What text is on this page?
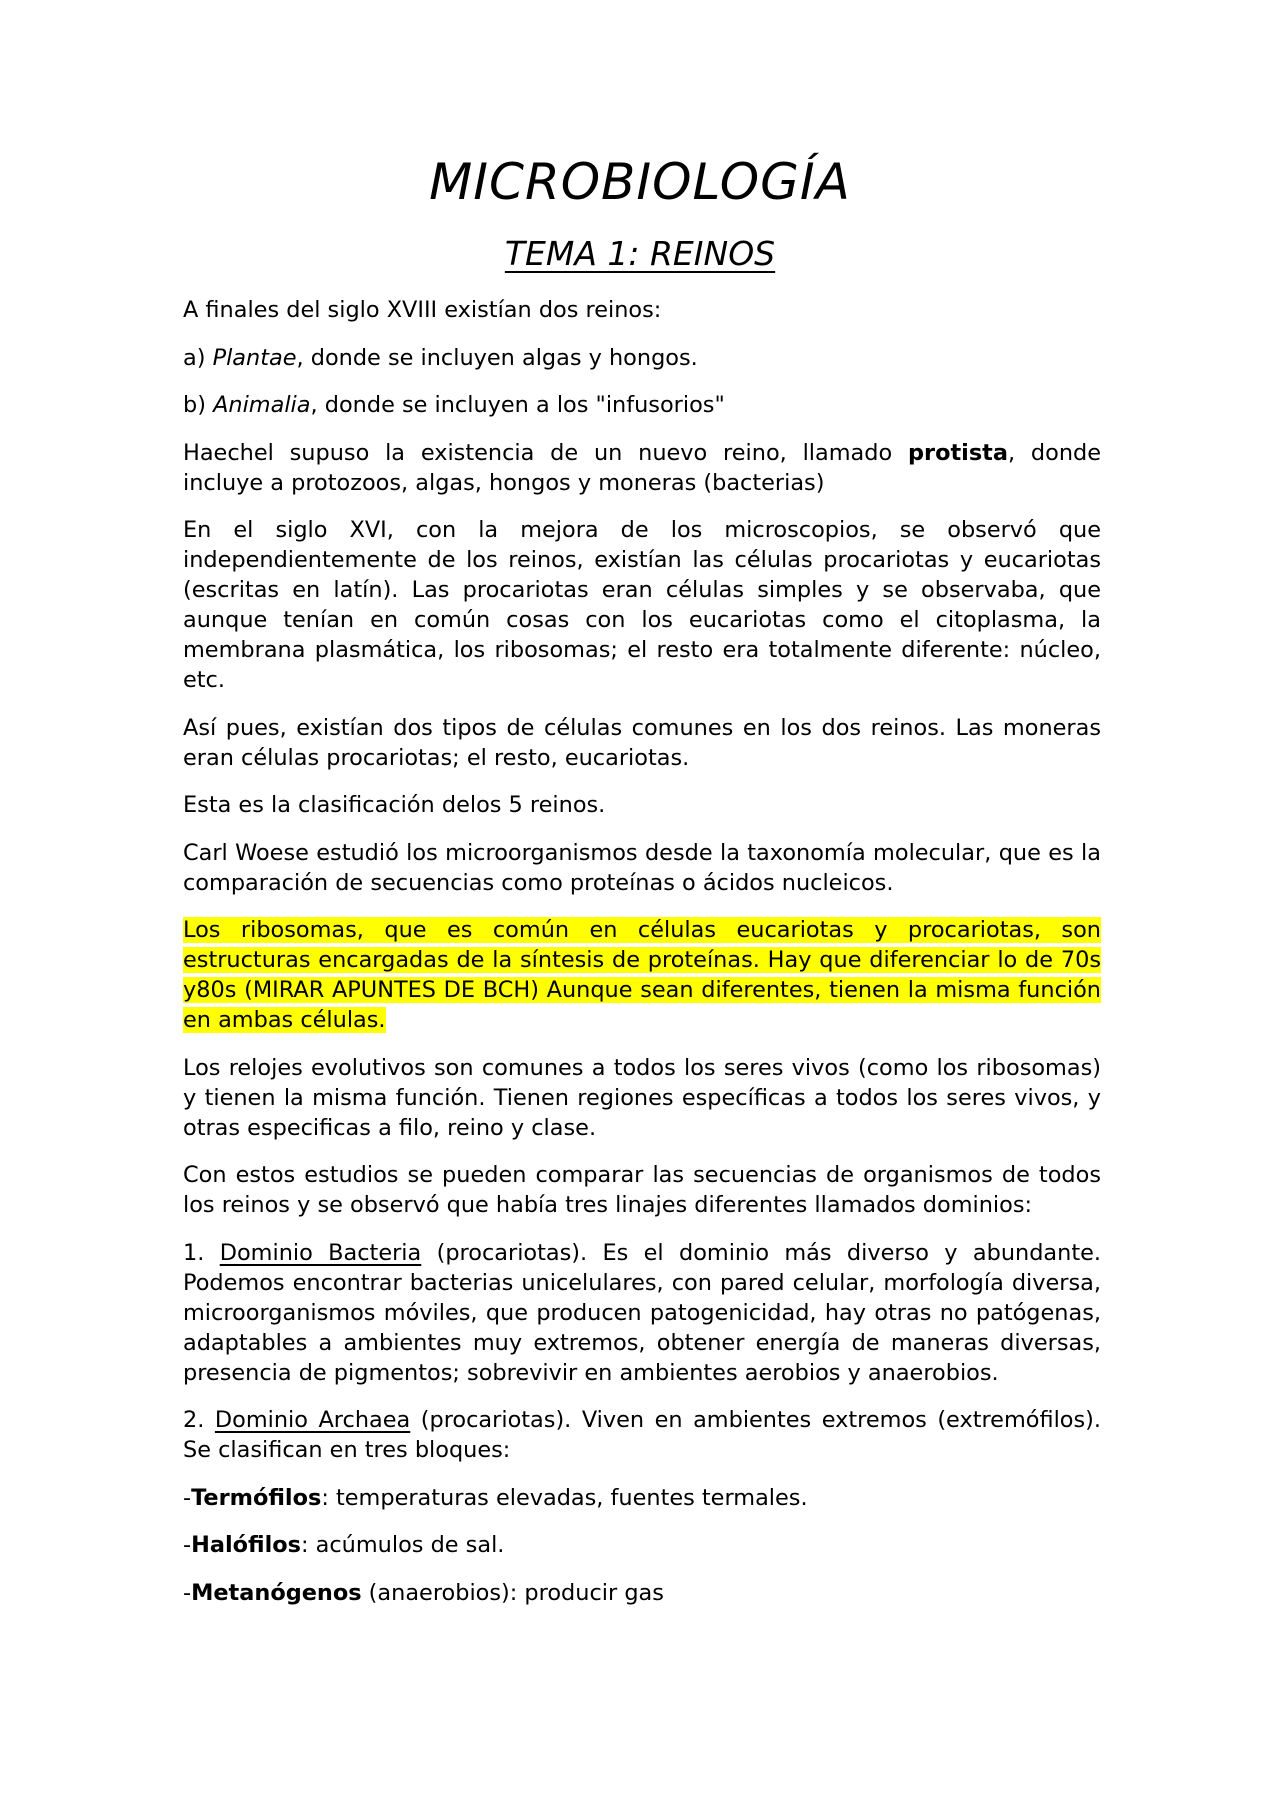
MICROBIOLOGÍA
TEMA 1: REINOS

A finales del siglo XVIII existían dos reinos:

a) Plantae, donde se incluyen algas y hongos.

b) Animalia, donde se incluyen a los "infusorios"

Haechel supuso la existencia de un nuevo reino, llamado protista, donde incluye a protozoos, algas, hongos y moneras (bacterias)

En el siglo XVI, con la mejora de los microscopios, se observó que independientemente de los reinos, existían las células procariotas y eucariotas (escritas en latín). Las procariotas eran células simples y se observaba, que aunque tenían en común cosas con los eucariotas como el citoplasma, la membrana plasmática, los ribosomas; el resto era totalmente diferente: núcleo, etc.

Así pues, existían dos tipos de células comunes en los dos reinos. Las moneras eran células procariotas; el resto, eucariotas.

Esta es la clasificación delos 5 reinos.

Carl Woese estudió los microorganismos desde la taxonomía molecular, que es la comparación de secuencias como proteínas o ácidos nucleicos.

Los ribosomas, que es común en células eucariotas y procariotas, son estructuras encargadas de la síntesis de proteínas. Hay que diferenciar lo de 70s y80s (MIRAR APUNTES DE BCH) Aunque sean diferentes, tienen la misma función en ambas células.

Los relojes evolutivos son comunes a todos los seres vivos (como los ribosomas) y tienen la misma función. Tienen regiones específicas a todos los seres vivos, y otras especificas a filo, reino y clase.

Con estos estudios se pueden comparar las secuencias de organismos de todos los reinos y se observó que había tres linajes diferentes llamados dominios:

1. Dominio Bacteria (procariotas). Es el dominio más diverso y abundante. Podemos encontrar bacterias unicelulares, con pared celular, morfología diversa, microorganismos móviles, que producen patogenicidad, hay otras no patógenas, adaptables a ambientes muy extremos, obtener energía de maneras diversas, presencia de pigmentos; sobrevivir en ambientes aerobios y anaerobios.

2. Dominio Archaea (procariotas). Viven en ambientes extremos (extremófilos). Se clasifican en tres bloques:

-Termófilos: temperaturas elevadas, fuentes termales.

-Halófilos: acúmulos de sal.

-Metanógenos (anaerobios): producir gas
